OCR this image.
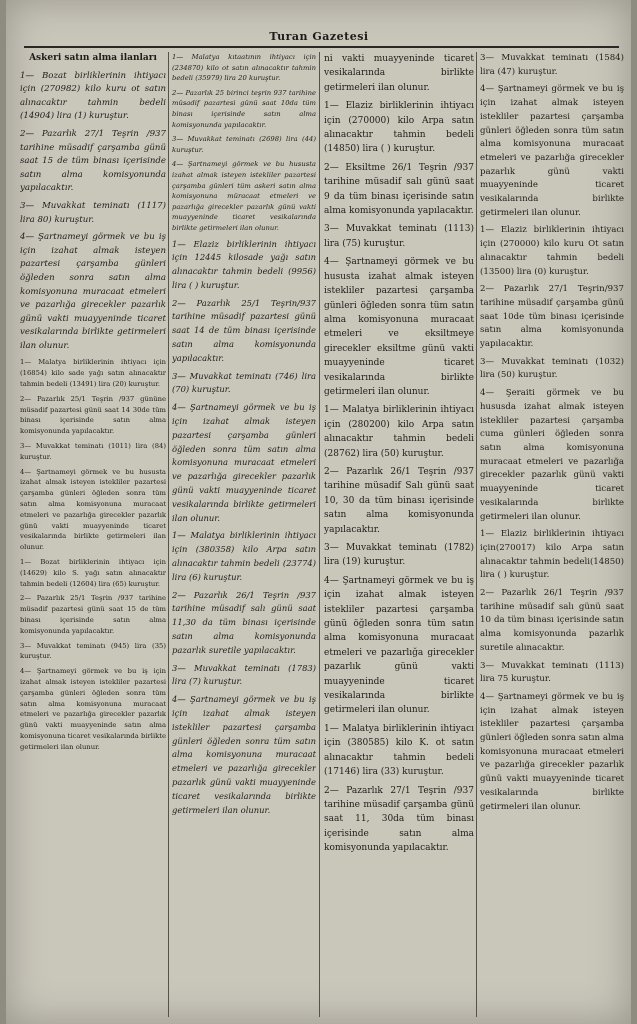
Turan Gazetesi

Askeri satın alma ilanları

1— Bozat birliklerinin ihtiyacı için (270982) kilo kuru ot satın alınacaktır tahmin bedeli (14904) lira (1) kuruştur.

2— Pazarlık 27/1 Teşrin /937 tarihine müsadif çarşamba günü saat 15 de tüm binası içerisinde satın alma komisyonunda yapılacaktır.

3— Muvakkat teminatı (1117) lira 80) kuruştur.

4— Şartnameyi görmek ve bu iş için izahat almak isteyen pazartesi çarşamba günleri öğleden sonra satın alma komisyonuna muracaat etmeleri ve pazarlığa girecekler pazarlık günü vakti muayyeninde ticaret vesikalarında birlikte getirmeleri ilan olunur.

1— Malatya birliklerinin ihtiyacı için (16854) kilo sade yağı satın alınacaktır tahmin bedeli (13491) lira (20) kuruştur.

2— Pazarlık 25/1 Teşrin /937 gününe müsadif pazartesi günü saat 14 30de tüm binası içerisinde satın alma komisyonunda yapılacaktır.

3— Muvakkat teminatı (1011) lira (84) kuruştur.

4— Şartnameyi görmek ve bu hususta izahat almak isteyen istekliler pazartesi çarşamba günleri öğleden sonra tüm satın alma komisyonuna muracaat etmeleri ve pazarlığa girecekler pazarlık günü vakti muayyeninde ticaret vesikalarında birlikte getirmeleri ilan olunur.

1— Bozat birliklerinin ihtiyacı için (14629) kilo S. yağı satın alınacaktır tahmin bedeli (12604) lira (65) kuruştur.

2— Pazarlık 25/1 Teşrin /937 tarihine müsadif pazartesi günü saat 15 de tüm binası içerisinde satın alma komisyonunda yapılacaktır.

3— Muvakkat teminatı (945) lira (35) kuruştur.

4— Şartnameyi görmek ve bu iş için izahat almak isteyen istekliler pazartesi çarşamba günleri öğleden sonra tüm satın alma komisyonuna muracaat etmeleri ve pazarlığa girecekler pazarlık günü vakti muayyeninde satın alma komisyonuna ticaret vesikalarında birlikte getirmeleri ilan olunur.

1— Malatya kıtaatının ihtiyacı için (234870) kilo ot satın alınacaktır tahmin bedeli (35979) lira 20 kuruştur.

2— Pazarlık 25 birinci teşrin 937 tarihine müsadif pazartesi günü saat 10da tüm binası içerisinde satın alma komisyonunda yapılacaktır.

3— Muvakkat teminatı (2698) lira (44) kuruştur.

4— Şartnameyi görmek ve bu hususta izahat almak isteyen istekliler pazartesi çarşamba günleri tüm askeri satın alma komisyonuna müracaat etmeleri ve pazarlığa girecekler pazarlık günü vakti muayyeninde ticaret vesikalarında birlikte getirmeleri ilan olunur.

1— Elaziz birliklerinin ihtiyacı için 12445 kilosade yağı satın alınacaktır tahmin bedeli (9956) lira ( ) kuruştur.

2— Pazarlık 25/1 Teşrin/937 tarihine müsadif pazartesi günü saat 14 de tüm binası içerisinde satın alma komisyonunda yapılacaktır.

3— Muvakkat teminatı (746) lira (70) kuruştur.

4— Şartnameyi görmek ve bu iş için izahat almak isteyen pazartesi çarşamba günleri öğleden sonra tüm satın alma komisyonuna muracaat etmeleri ve pazarlığa girecekler pazarlık günü vakti muayyeninde ticaret vesikalarında birlikte getirmeleri ilan olunur.

1— Malatya birliklerinin ihtiyacı için (380358) kilo Arpa satın alınacaktır tahmin bedeli (23774) lira (6) kuruştur.

2— Pazarlık 26/1 Teşrin /937 tarihine müsadif salı günü saat 11,30 da tüm binası içerisinde satın alma komisyonunda pazarlık suretile yapılacaktır.

3— Muvakkat teminatı (1783) lira (7) kuruştur.

4— Şartnameyi görmek ve bu iş için izahat almak isteyen istekliler pazartesi çarşamba günleri öğleden sonra tüm satın alma komisyonuna muracaat etmeleri ve pazarlığa girecekler pazarlık günü vakti muayyeninde ticaret vesikalarında birlikte getirmeleri ilan olunur.

ni vakti muayyeninde ticaret vesikalarında birlikte getirmeleri ilan olunur.

1— Elaziz birliklerinin ihtiyacı için (270000) kilo Arpa satın alınacaktır tahmin bedeli (14850) lira ( ) kuruştur.

2— Eksiltme 26/1 Teşrin /937 tarihine müsadif salı günü saat 9 da tüm binası içerisinde satın alma komisyonunda yapılacaktır.

3— Muvakkat teminatı (1113) lira (75) kuruştur.

4— Şartnameyi görmek ve bu hususta izahat almak isteyen istekliler pazartesi çarşamba günleri öğleden sonra tüm satın alma komisyonuna muracaat etmeleri ve eksiltmeye girecekler eksiltme günü vakti muayyeninde ticaret vesikalarında birlikte getirmeleri ilan olunur.

1— Malatya birliklerinin ihtiyacı için (280200) kilo Arpa satın alınacaktır tahmin bedeli (28762) lira (50) kuruştur.

2— Pazarlık 26/1 Teşrin /937 tarihine müsadif Salı günü saat 10, 30 da tüm binası içerisinde satın alma komisyonunda yapılacaktır.

3— Muvakkat teminatı (1782) lira (19) kuruştur.

4— Şartnameyi görmek ve bu iş için izahat almak isteyen istekliler pazartesi çarşamba günü öğleden sonra tüm satın alma komisyonuna muracaat etmeleri ve pazarlığa girecekler pazarlık günü vakti muayyeninde ticaret vesikalarında birlikte getirmeleri ilan olunur.

1— Malatya birliklerinin ihtiyacı için (380585) kilo K. ot satın alınacaktır tahmin bedeli (17146) lira (33) kuruştur.

2— Pazarlık 27/1 Teşrin /937 tarihine müsadif çarşamba günü saat 11, 30da tüm binası içerisinde satın alma komisyonunda yapılacaktır.

3— Muvakkat teminatı (1584) lira (47) kuruştur.

4— Şartnameyi görmek ve bu iş için izahat almak isteyen istekliler pazartesi çarşamba günleri öğleden sonra tüm satın alma komisyonuna muracaat etmeleri ve pazarlığa girecekler pazarlık günü vakti muayyeninde ticaret vesikalarında birlikte getirmeleri ilan olunur.

1— Elaziz birliklerinin ihtiyacı için (270000) kilo kuru Ot satın alınacaktır tahmin bedeli (13500) lira (0) kuruştur.

2— Pazarlık 27/1 Teşrin/937 tarihine müsadif çarşamba günü saat 10de tüm binası içerisinde satın alma komisyonunda yapılacaktır.

3— Muvakkat teminatı (1032) lira (50) kuruştur.

4— Şeraiti görmek ve bu hususda izahat almak isteyen istekliler pazartesi çarşamba cuma günleri öğleden sonra satın alma komisyonuna muracaat etmeleri ve pazarlığa girecekler pazarlık günü vakti muayyeninde ticaret vesikalarında birlikte getirmeleri ilan olunur.

1— Elaziz birliklerinin ihtiyacı için(270017) kilo Arpa satın alınacaktır tahmin bedeli(14850) lira ( ) kuruştur.

2— Pazarlık 26/1 Teşrin /937 tarihine müsadif salı günü saat 10 da tüm binası içerisinde satın alma komisyonunda pazarlık suretile alınacaktır.

3— Muvakkat teminatı (1113) lira 75 kuruştur.

4— Şartnameyi görmek ve bu iş için izahat almak isteyen istekliler pazartesi çarşamba günleri öğleden sonra satın alma komisyonuna muracaat etmeleri ve pazarlığa girecekler pazarlık günü vakti muayyeninde ticaret vesikalarında birlikte getirmeleri ilan olunur.
